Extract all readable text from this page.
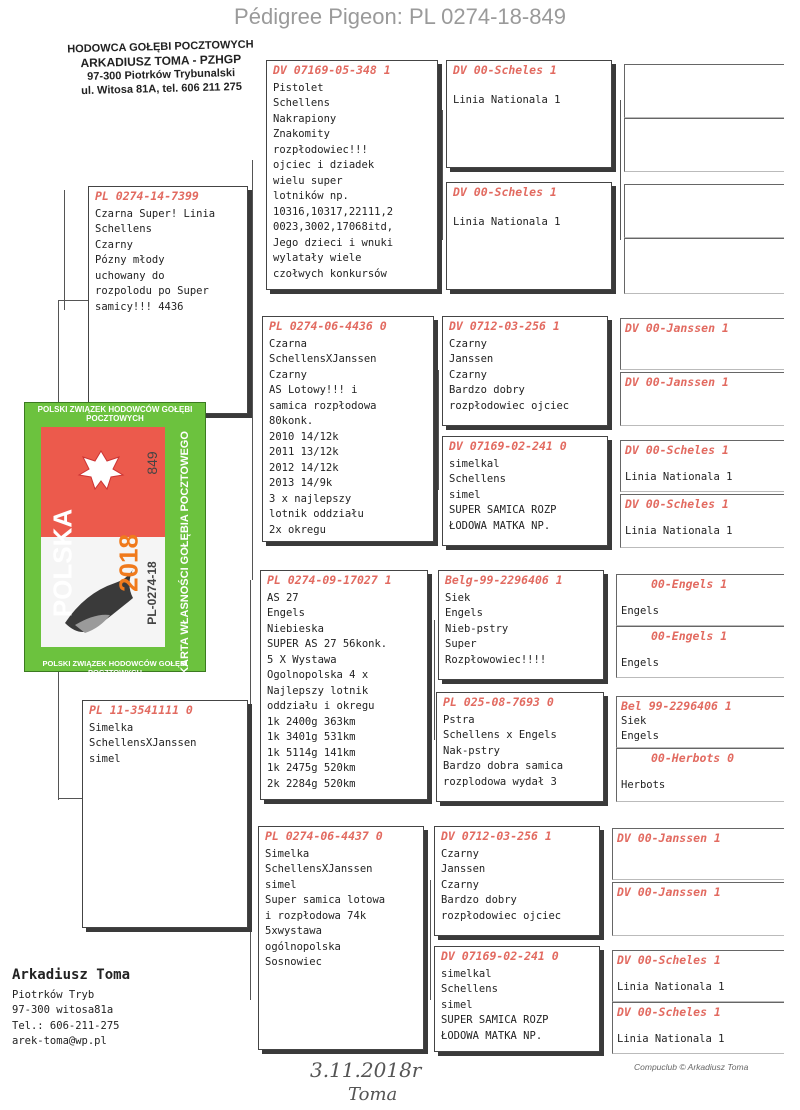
Pédigree Pigeon: PL 0274-18-849
HODOWCA GOŁĘBI POCZTOWYCH
ARKADIUSZ TOMA - PZHGP
97-300 Piotrków Trybunalski
ul. Witosa 81A, tel. 606 211 275
DV 07169-05-348 1
Pistolet
Schellens
Nakrapiony
Znakomity
rozpłodowiec!!!
ojciec i dziadek
wielu super
lotników np.
10316,10317,22111,2
0023,3002,17068itd,
Jego dzieci i wnuki
wylatały wiele
czołwych konkursów
PL 0274-06-4436 0
Czarna
SchellensXJanssen
Czarny
AS Lotowy!!! i
samica rozpłodowa
80konk.
2010 14/12k
2011 13/12k
2012 14/12k
2013 14/9k
3 x najlepszy
lotnik oddziału
2x okregu
PL 0274-09-17027 1
AS 27
Engels
Niebieska
SUPER AS 27 56konk.
5 X Wystawa
Ogolnopolska 4 x
Najlepszy lotnik
oddziału i okregu
1k 2400g 363km
1k 3401g 531km
1k 5114g 141km
1k 2475g 520km
2k 2284g 520km
PL 0274-06-4437 0
Simelka
SchellensXJanssen
simel
Super samica lotowa
i rozpłodowa 74k
5xwystawa
ogólnopolska
Sosnowiec
PL 0274-14-7399
Czarna Super! Linia
Schellens
Czarny
Pózny młody
uchowany do
rozpolodu po Super
samicy!!! 4436
PL 11-3541111 0
Simelka
SchellensXJanssen
simel
DV 00-Scheles 1
Linia Nationala 1
DV 00-Scheles 1
Linia Nationala 1
DV 0712-03-256 1
Czarny
Janssen
Czarny
Bardzo dobry
rozpłodowiec ojciec
DV 07169-02-241 0
simelkal
Schellens
simel
SUPER SAMICA ROZP
ŁODOWA MATKA NP.
Belg-99-2296406 1
Siek
Engels
Nieb-pstry
Super
Rozpłowowiec!!!!
PL 025-08-7693 0
Pstra
Schellens x Engels
Nak-pstry
Bardzo dobra samica
rozplodowa wydał 3
DV 0712-03-256 1
Czarny
Janssen
Czarny
Bardzo dobry
rozpłodowiec ojciec
DV 07169-02-241 0
simelkal
Schellens
simel
SUPER SAMICA ROZP
ŁODOWA MATKA NP.
DV 00-Janssen 1
DV 00-Janssen 1
DV 00-Scheles 1
Linia Nationala 1
DV 00-Scheles 1
Linia Nationala 1
00-Engels 1
Engels
00-Engels 1
Engels
Bel 99-2296406 1
Siek
Engels
00-Herbots 0
Herbots
DV 00-Janssen 1
DV 00-Janssen 1
DV 00-Scheles 1
Linia Nationala 1
DV 00-Scheles 1
Linia Nationala 1
POLSKI ZWIĄZEK HODOWCÓW GOŁĘBI POCZTOWYCH
KARTA WŁASNOŚCI GOŁĘBIA POCZTOWEGO
POLSKA 2018 PL-0274-18
849
POLSKI ZWIĄZEK HODOWCÓW GOŁĘBI POCZTOWYCH
Arkadiusz Toma
Piotrków Tryb
97-300 witosa81a
Tel.: 606-211-275
arek-toma@wp.pl
3.11.2018r
Toma
Compuclub © Arkadiusz Toma
